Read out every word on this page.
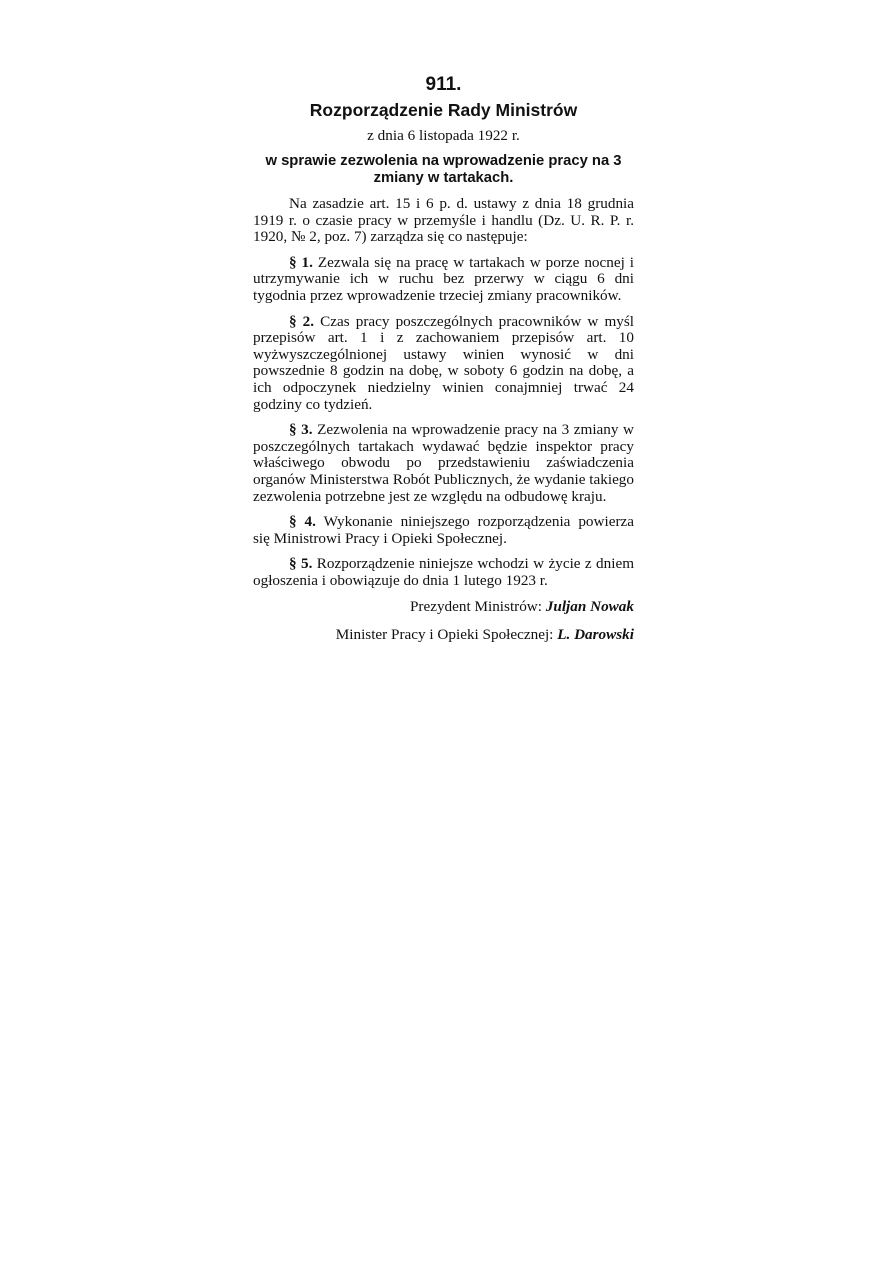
911.
Rozporządzenie Rady Ministrów
z dnia 6 listopada 1922 r.
w sprawie zezwolenia na wprowadzenie pracy na 3 zmiany w tartakach.

Na zasadzie art. 15 i 6 p. d. ustawy z dnia 18 grudnia 1919 r. o czasie pracy w przemyśle i handlu (Dz. U. R. P. r. 1920, № 2, poz. 7) zarządza się co następuje:

§ 1. Zezwala się na pracę w tartakach w porze nocnej i utrzymywanie ich w ruchu bez przerwy w ciągu 6 dni tygodnia przez wprowadzenie trzeciej zmiany pracowników.

§ 2. Czas pracy poszczególnych pracowników w myśl przepisów art. 1 i z zachowaniem przepisów art. 10 wyżwyszczególnionej ustawy winien wynosić w dni powszednie 8 godzin na dobę, w soboty 6 godzin na dobę, a ich odpoczynek niedzielny winien conajmniej trwać 24 godziny co tydzień.

§ 3. Zezwolenia na wprowadzenie pracy na 3 zmiany w poszczególnych tartakach wydawać będzie inspektor pracy właściwego obwodu po przedstawieniu zaświadczenia organów Ministerstwa Robót Publicznych, że wydanie takiego zezwolenia potrzebne jest ze względu na odbudowę kraju.

§ 4. Wykonanie niniejszego rozporządzenia powierza się Ministrowi Pracy i Opieki Społecznej.

§ 5. Rozporządzenie niniejsze wchodzi w życie z dniem ogłoszenia i obowiązuje do dnia 1 lutego 1923 r.

Prezydent Ministrów: Juljan Nowak
Minister Pracy i Opieki Społecznej: L. Darowski
